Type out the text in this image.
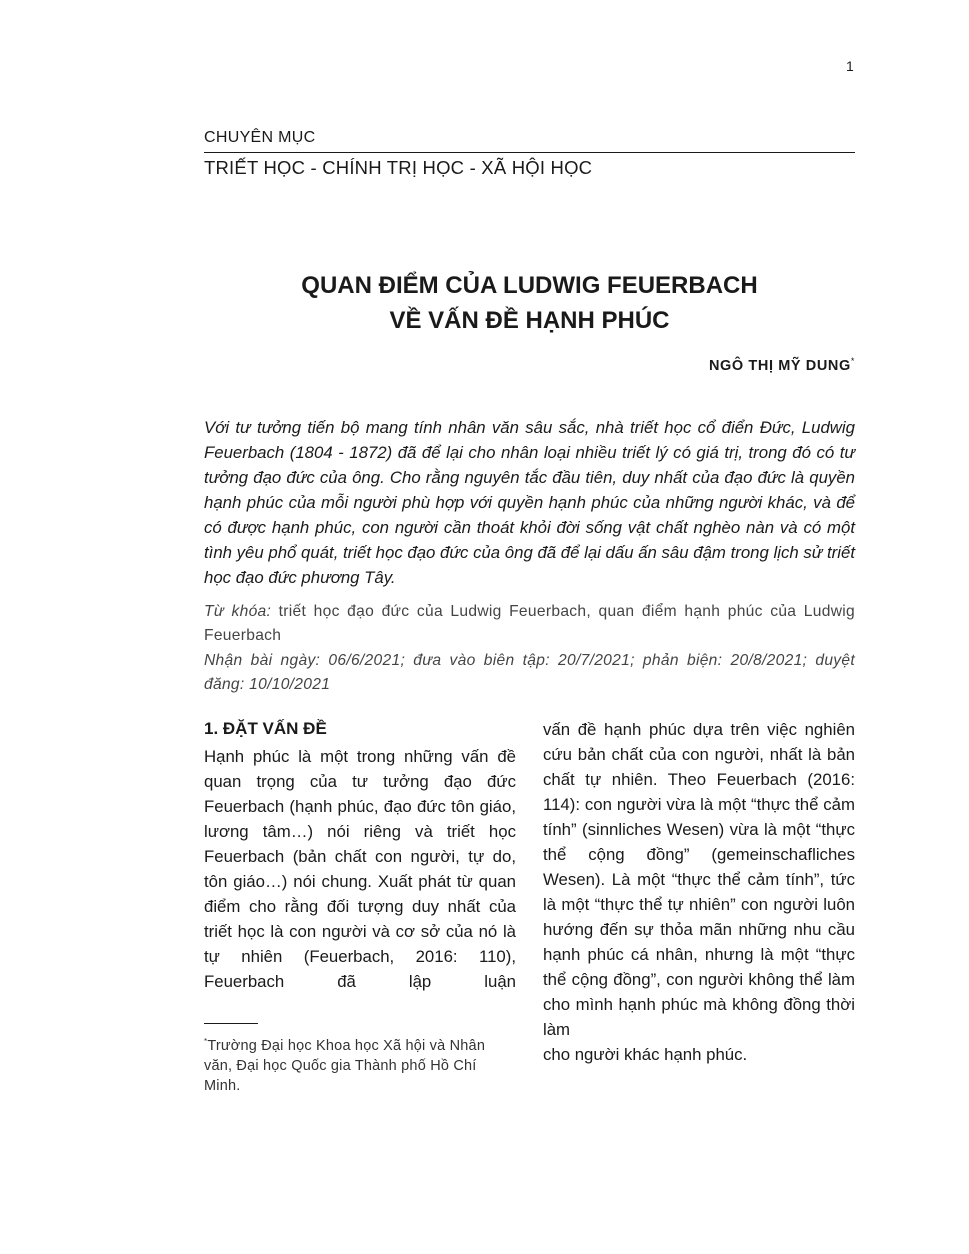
1
CHUYÊN MỤC
TRIẾT HỌC - CHÍNH TRỊ HỌC - XÃ HỘI HỌC
QUAN ĐIỂM CỦA LUDWIG FEUERBACH
VỀ VẤN ĐỀ HẠNH PHÚC
NGÔ THỊ MỸ DUNG*
Với tư tưởng tiến bộ mang tính nhân văn sâu sắc, nhà triết học cổ điển Đức, Ludwig Feuerbach (1804 - 1872) đã để lại cho nhân loại nhiều triết lý có giá trị, trong đó có tư tưởng đạo đức của ông. Cho rằng nguyên tắc đầu tiên, duy nhất của đạo đức là quyền hạnh phúc của mỗi người phù hợp với quyền hạnh phúc của những người khác, và để có được hạnh phúc, con người cần thoát khỏi đời sống vật chất nghèo nàn và có một tình yêu phổ quát, triết học đạo đức của ông đã để lại dấu ấn sâu đậm trong lịch sử triết học đạo đức phương Tây.
Từ khóa: triết học đạo đức của Ludwig Feuerbach, quan điểm hạnh phúc của Ludwig Feuerbach
Nhận bài ngày: 06/6/2021; đưa vào biên tập: 20/7/2021; phản biện: 20/8/2021; duyệt đăng: 10/10/2021
1. ĐẶT VẤN ĐỀ
Hạnh phúc là một trong những vấn đề quan trọng của tư tưởng đạo đức Feuerbach (hạnh phúc, đạo đức tôn giáo, lương tâm…) nói riêng và triết học Feuerbach (bản chất con người, tự do, tôn giáo…) nói chung. Xuất phát từ quan điểm cho rằng đối tượng duy nhất của triết học là con người và cơ sở của nó là tự nhiên (Feuerbach, 2016: 110), Feuerbach đã lập luận
vấn đề hạnh phúc dựa trên việc nghiên cứu bản chất của con người, nhất là bản chất tự nhiên. Theo Feuerbach (2016: 114): con người vừa là một “thực thể cảm tính” (sinnliches Wesen) vừa là một “thực thể cộng đồng” (gemeinschafliches Wesen). Là một “thực thể cảm tính”, tức là một “thực thể tự nhiên” con người luôn hướng đến sự thỏa mãn những nhu cầu hạnh phúc cá nhân, nhưng là một “thực thể cộng đồng”, con người không thể làm cho mình hạnh phúc mà không đồng thời làm
cho người khác hạnh phúc.
*Trường Đại học Khoa học Xã hội và Nhân văn, Đại học Quốc gia Thành phố Hồ Chí Minh.
